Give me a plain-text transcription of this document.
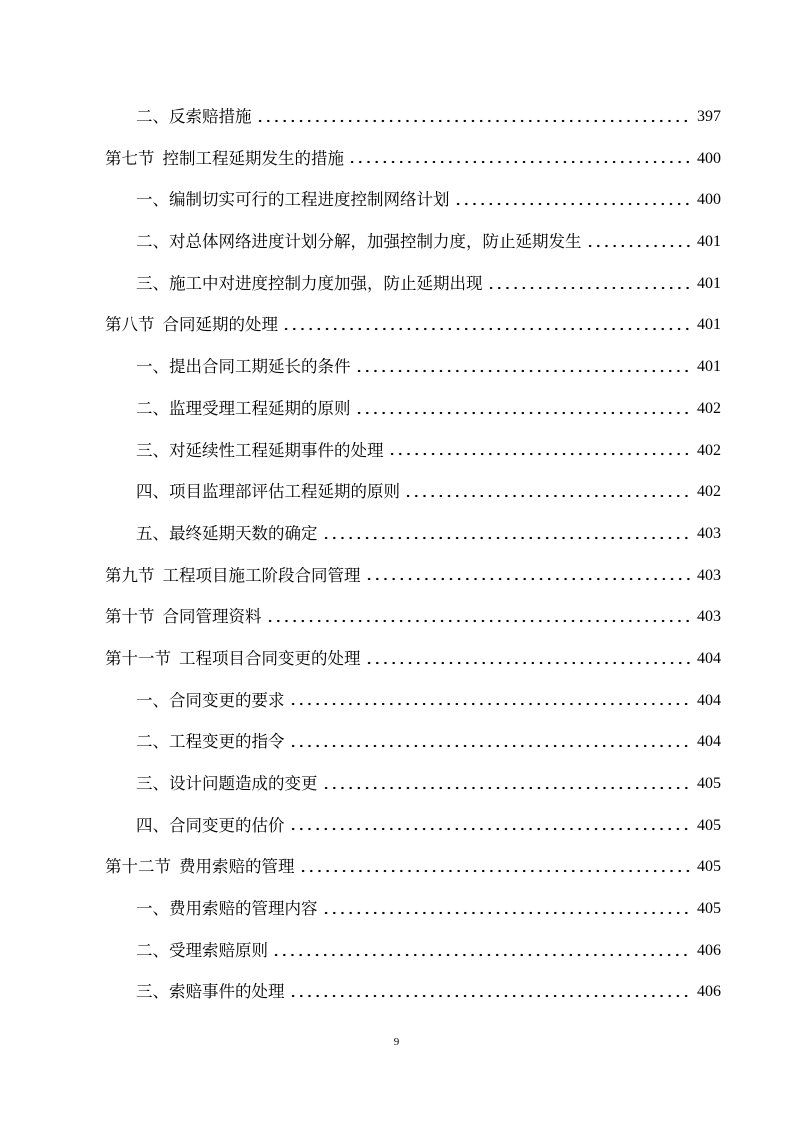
二、反索赔措施	397
第七节 控制工程延期发生的措施	400
一、编制切实可行的工程进度控制网络计划	400
二、对总体网络进度计划分解，加强控制力度，防止延期发生	401
三、施工中对进度控制力度加强，防止延期出现	401
第八节 合同延期的处理	401
一、提出合同工期延长的条件	401
二、监理受理工程延期的原则	402
三、对延续性工程延期事件的处理	402
四、项目监理部评估工程延期的原则	402
五、最终延期天数的确定	403
第九节 工程项目施工阶段合同管理	403
第十节 合同管理资料	403
第十一节 工程项目合同变更的处理	404
一、合同变更的要求	404
二、工程变更的指令	404
三、设计问题造成的变更	405
四、合同变更的估价	405
第十二节 费用索赔的管理	405
一、费用索赔的管理内容	405
二、受理索赔原则	406
三、索赔事件的处理	406
9
